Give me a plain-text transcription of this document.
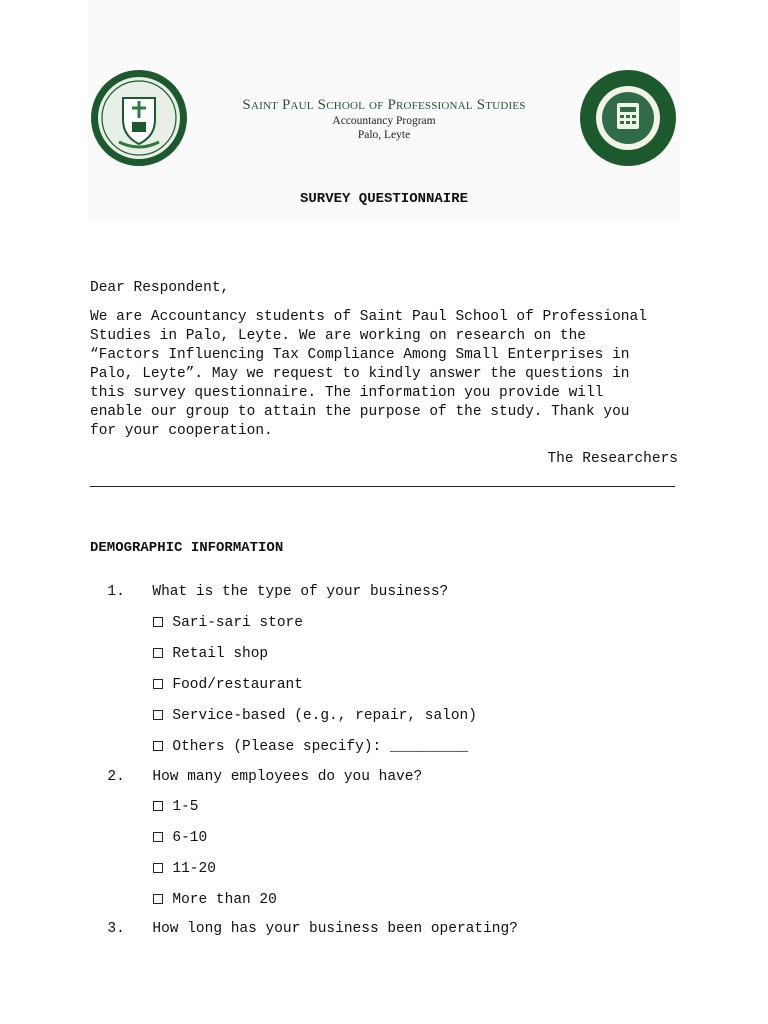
Saint Paul School of Professional Studies
Accountancy Program
Palo, Leyte
SURVEY QUESTIONNAIRE
Dear Respondent,
We are Accountancy students of Saint Paul School of Professional
Studies in Palo, Leyte. We are working on research on the
“Factors Influencing Tax Compliance Among Small Enterprises in
Palo, Leyte”. May we request to kindly answer the questions in
this survey questionnaire. The information you provide will
enable our group to attain the purpose of the study. Thank you
for your cooperation.
The Researchers
DEMOGRAPHIC INFORMATION

1. What is the type of your business?

Sari-sari store

Retail shop

Food/restaurant

Service-based (e.g., repair, salon)

Others (Please specify): _________

2. How many employees do you have?

1-5

6-10

11-20

More than 20

3. How long has your business been operating?
